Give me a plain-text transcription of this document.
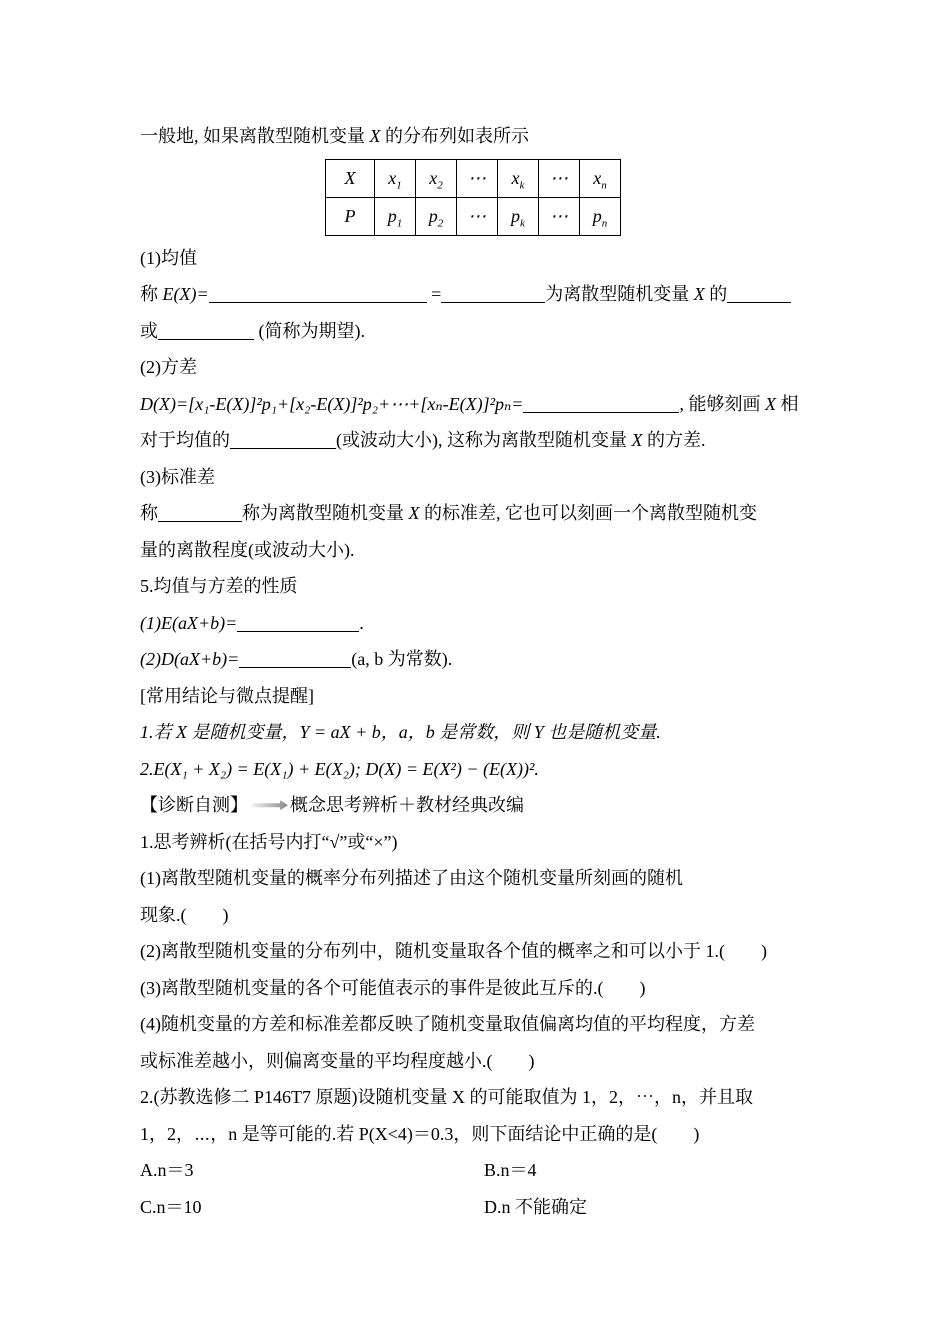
一般地, 如果离散型随机变量 X 的分布列如表所示
X	$x_1$	$x_2$	⋯	$x_k$	⋯	$x_n$
P	$p_1$	$p_2$	⋯	$p_k$	⋯	$p_n$
(1)均值
称 E(X)=	=	为离散型随机变量 X 的
或	(简称为期望).
(2)方差
D(X)=[x₁-E(X)]²p₁+[x₂-E(X)]²p₂+⋯+[xₙ-E(X)]²pₙ=	, 能够刻画 X 相
对于均值的	(或波动大小), 这称为离散型随机变量 X 的方差.
(3)标准差
称	称为离散型随机变量 X 的标准差, 它也可以刻画一个离散型随机变
量的离散程度(或波动大小).
5.均值与方差的性质
(1)E(aX+b)=	.
(2)D(aX+b)=	(a, b 为常数).
[常用结论与微点提醒]
1.若 X 是随机变量，Y = aX + b，a，b 是常数，则 Y 也是随机变量.
2.E(X₁ + X₂) = E(X₁) + E(X₂); D(X) = E(X²) − (E(X))².
【诊断自测】 概念思考辨析＋教材经典改编
1.思考辨析(在括号内打“√”或“×”)
(1)离散型随机变量的概率分布列描述了由这个随机变量所刻画的随机
现象.(　　)
(2)离散型随机变量的分布列中，随机变量取各个值的概率之和可以小于 1.(　　)
(3)离散型随机变量的各个可能值表示的事件是彼此互斥的.(　　)
(4)随机变量的方差和标准差都反映了随机变量取值偏离均值的平均程度，方差
或标准差越小，则偏离变量的平均程度越小.(　　)
2.(苏教选修二 P146T7 原题)设随机变量 X 的可能取值为 1，2，⋯，n，并且取
1，2，⋯，n 是等可能的.若 P(X<4)＝0.3，则下面结论中正确的是(　　)
A.n＝3	B.n＝4
C.n＝10	D.n 不能确定
